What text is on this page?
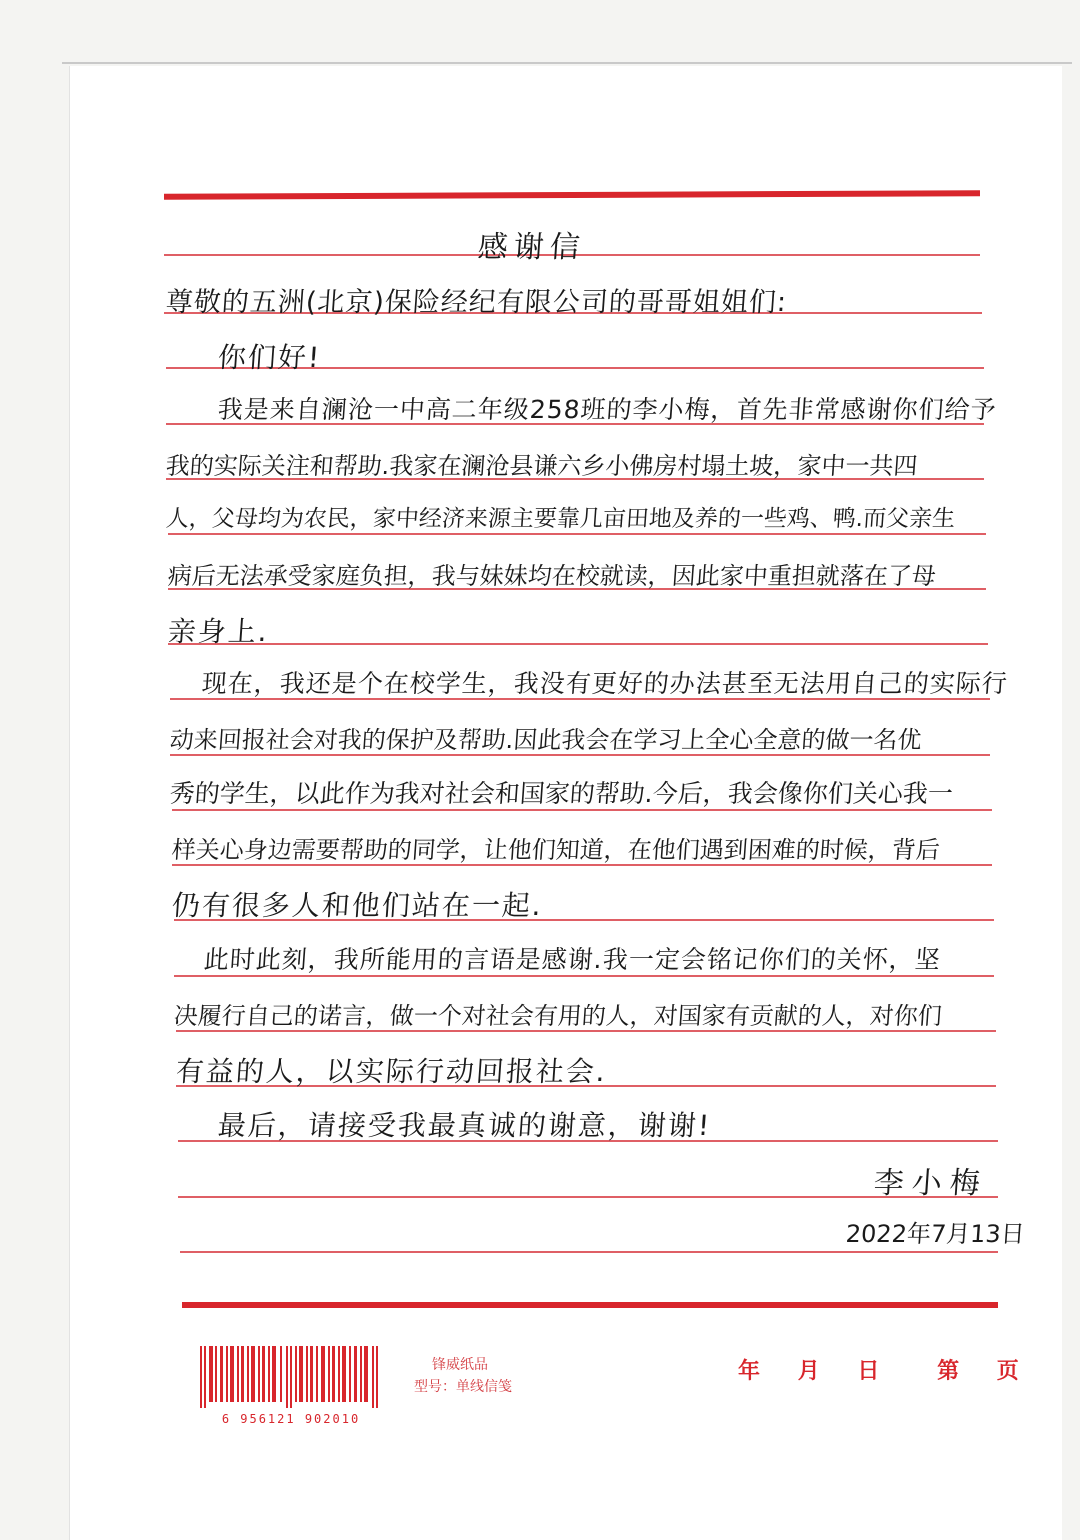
感谢信
尊敬的五洲(北京)保险经纪有限公司的哥哥姐姐们:
你们好!
我是来自澜沧一中高二年级258班的李小梅，首先非常感谢你们给予
我的实际关注和帮助.我家在澜沧县谦六乡小佛房村塌土坡，家中一共四
人，父母均为农民，家中经济来源主要靠几亩田地及养的一些鸡、鸭.而父亲生
病后无法承受家庭负担，我与妹妹均在校就读，因此家中重担就落在了母
亲身上.
现在，我还是个在校学生，我没有更好的办法甚至无法用自己的实际行
动来回报社会对我的保护及帮助.因此我会在学习上全心全意的做一名优
秀的学生，以此作为我对社会和国家的帮助.今后，我会像你们关心我一
样关心身边需要帮助的同学，让他们知道，在他们遇到困难的时候，背后
仍有很多人和他们站在一起.
此时此刻，我所能用的言语是感谢.我一定会铭记你们的关怀，坚
决履行自己的诺言，做一个对社会有用的人，对国家有贡献的人，对你们
有益的人，以实际行动回报社会.
最后，请接受我最真诚的谢意，谢谢!
李小梅
2022年7月13日
6 956121 902010
锋威纸品
型号：单线信笺
年 月 日 第 页
